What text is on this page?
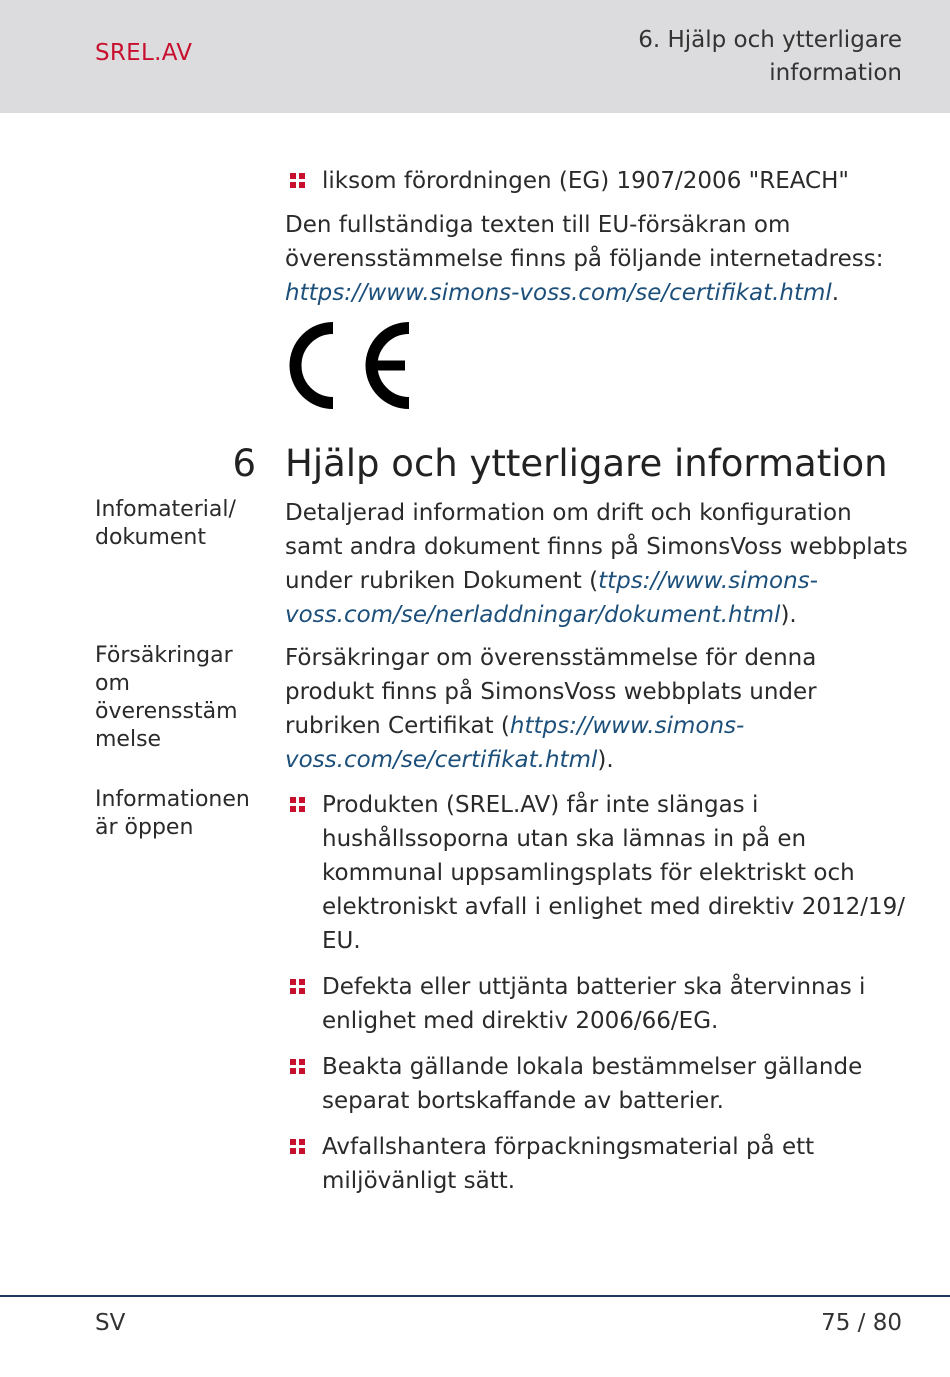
SREL.AV	6. Hjälp och ytterligare information
liksom förordningen (EG) 1907/2006 "REACH"
Den fullständiga texten till EU-försäkran om överensstämmelse finns på följande internetadress: https://www.simons-voss.com/se/certifikat.html.
6 Hjälp och ytterligare information
Infomaterial/ dokument
Detaljerad information om drift och konfiguration samt andra dokument finns på SimonsVoss webbplats under rubriken Dokument (ttps://www.simons-voss.com/se/nerladdningar/dokument.html).
Försäkringar om överensstäm melse
Försäkringar om överensstämmelse för denna produkt finns på SimonsVoss webbplats under rubriken Certifikat (https://www.simons-voss.com/se/certifikat.html).
Informationen är öppen
Produkten (SREL.AV) får inte slängas i hushållssoporna utan ska lämnas in på en kommunal uppsamlingsplats för elektriskt och elektroniskt avfall i enlighet med direktiv 2012/19/ EU.
Defekta eller uttjänta batterier ska återvinnas i enlighet med direktiv 2006/66/EG.
Beakta gällande lokala bestämmelser gällande separat bortskaffande av batterier.
Avfallshantera förpackningsmaterial på ett miljövänligt sätt.
SV	75 / 80
